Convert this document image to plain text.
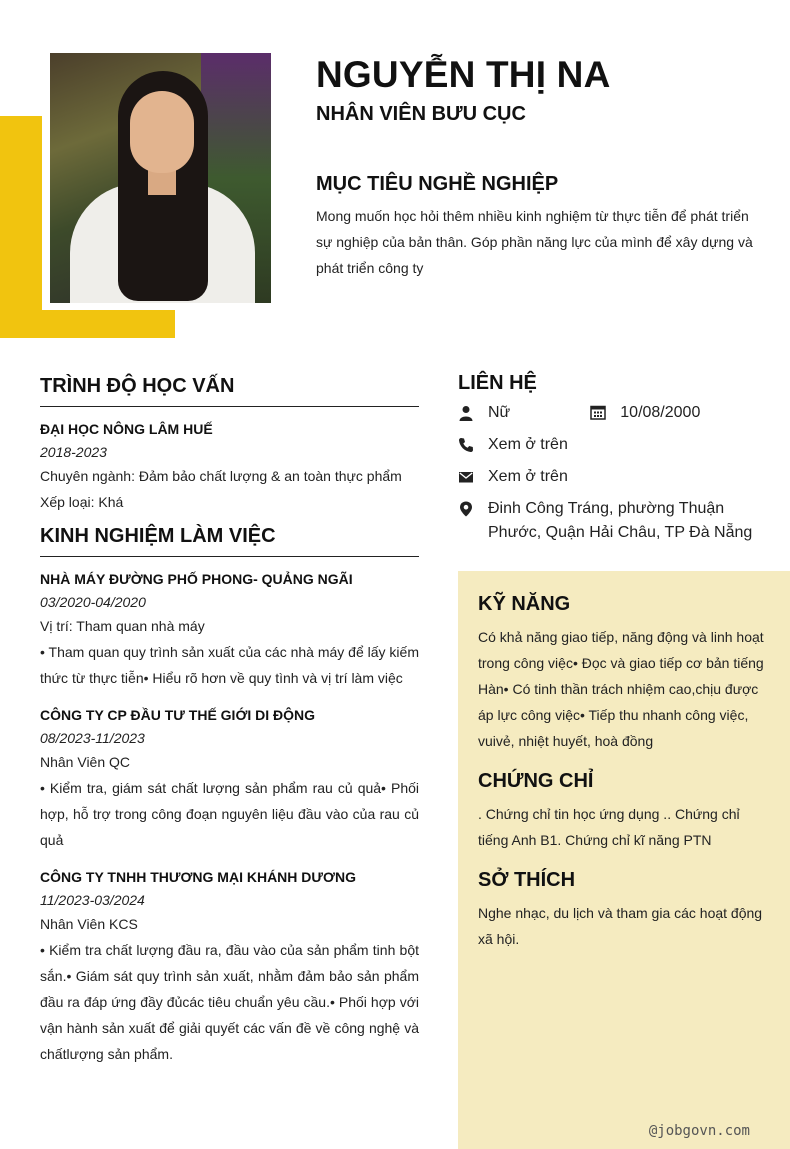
NGUYỄN THỊ NA
NHÂN VIÊN BƯU CỤC
MỤC TIÊU NGHỀ NGHIỆP
Mong muốn học hỏi thêm nhiều kinh nghiệm từ thực tiễn để phát triển sự nghiệp của bản thân. Góp phần năng lực của mình để xây dựng và phát triển công ty
TRÌNH ĐỘ HỌC VẤN
ĐẠI HỌC NÔNG LÂM HUẾ
2018-2023
Chuyên ngành: Đảm bảo chất lượng & an toàn thực phẩm
Xếp loại: Khá
KINH NGHIỆM LÀM VIỆC
NHÀ MÁY ĐƯỜNG PHỐ PHONG- QUẢNG NGÃI
03/2020-04/2020
Vị trí: Tham quan nhà máy
• Tham quan quy trình sản xuất của các nhà máy để lấy kiếm thức từ thực tiễn• Hiểu rõ hơn về quy tình và vị trí làm việc
CÔNG TY CP ĐẦU TƯ THẾ GIỚI DI ĐỘNG
08/2023-11/2023
Nhân Viên QC
• Kiểm tra, giám sát chất lượng sản phẩm rau củ quả• Phối hợp, hỗ trợ trong công đoạn nguyên liệu đầu vào của rau củ quả
CÔNG TY TNHH THƯƠNG MẠI KHÁNH DƯƠNG
11/2023-03/2024
Nhân Viên KCS
• Kiểm tra chất lượng đầu ra, đầu vào của sản phẩm tinh bột sắn.• Giám sát quy trình sản xuất, nhằm đảm bảo sản phẩm đầu ra đáp ứng đầy đủcác tiêu chuẩn yêu cầu.• Phối hợp với vận hành sản xuất để giải quyết các vấn đề về công nghệ và chấtlượng sản phẩm.
LIÊN HỆ
Nữ	10/08/2000
Xem ở trên
Xem ở trên
Đinh Công Tráng, phường Thuận Phước, Quận Hải Châu, TP Đà Nẵng
KỸ NĂNG
Có khả năng giao tiếp, năng động và linh hoạt trong công việc• Đọc và giao tiếp cơ bản tiếng Hàn• Có tinh thần trách nhiệm cao,chịu được áp lực công việc• Tiếp thu nhanh công việc, vuivẻ, nhiệt huyết, hoà đồng
CHỨNG CHỈ
. Chứng chỉ tin học ứng dụng .. Chứng chỉ tiếng Anh B1. Chứng chỉ kĩ năng PTN
SỞ THÍCH
Nghe nhạc, du lịch và tham gia các hoạt động xã hội.
@jobgovn.com
